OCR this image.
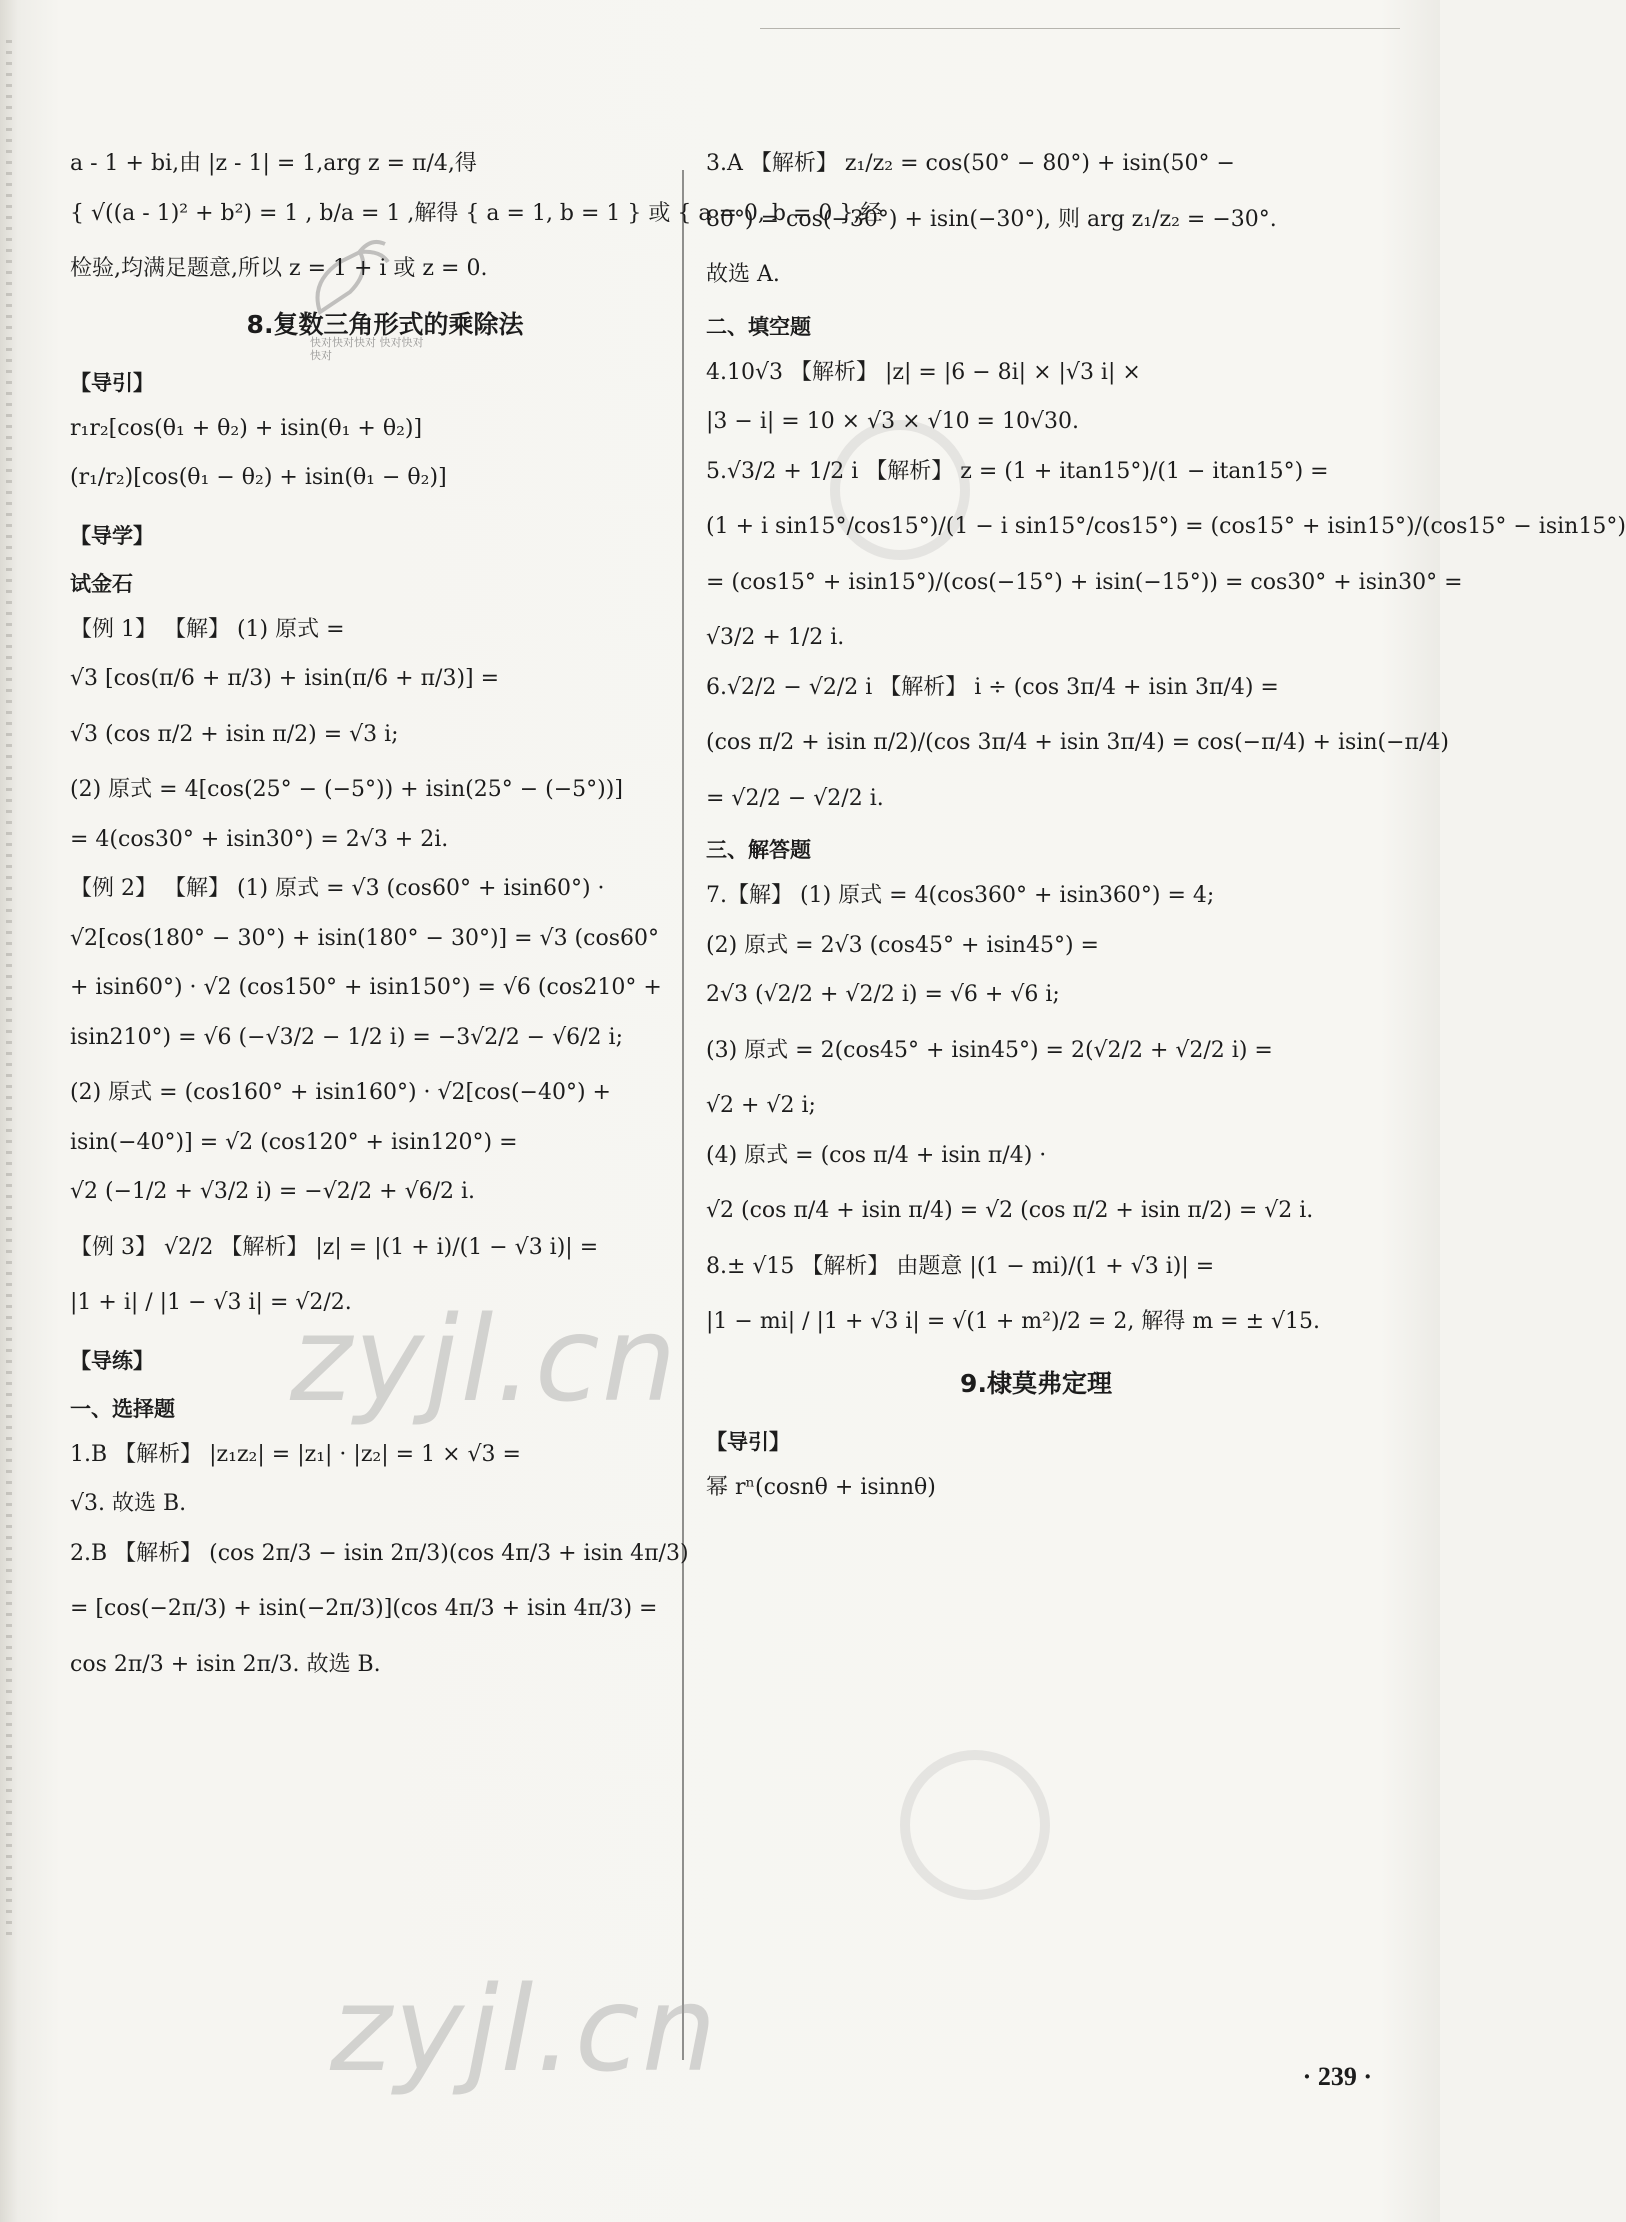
快对快对快对 快对快对快对
a - 1 + bi,由 |z - 1| = 1,arg z = π/4,得
{ √((a - 1)² + b²) = 1 , b/a = 1 ,解得 { a = 1, b = 1 } 或 { a = 0, b = 0 },经
检验,均满足题意,所以 z = 1 + i 或 z = 0.
8.复数三角形式的乘除法
【导引】
r₁r₂[cos(θ₁ + θ₂) + isin(θ₁ + θ₂)]
(r₁/r₂)[cos(θ₁ − θ₂) + isin(θ₁ − θ₂)]
【导学】
试金石
【例 1】 【解】 (1) 原式 =
√3 [cos(π/6 + π/3) + isin(π/6 + π/3)] =
√3 (cos π/2 + isin π/2) = √3 i;
(2) 原式 = 4[cos(25° − (−5°)) + isin(25° − (−5°))]
= 4(cos30° + isin30°) = 2√3 + 2i.
【例 2】 【解】 (1) 原式 = √3 (cos60° + isin60°) ·
√2[cos(180° − 30°) + isin(180° − 30°)] = √3 (cos60°
+ isin60°) · √2 (cos150° + isin150°) = √6 (cos210° +
isin210°) = √6 (−√3/2 − 1/2 i) = −3√2/2 − √6/2 i;
(2) 原式 = (cos160° + isin160°) · √2[cos(−40°) +
isin(−40°)] = √2 (cos120° + isin120°) =
√2 (−1/2 + √3/2 i) = −√2/2 + √6/2 i.
【例 3】 √2/2 【解析】 |z| = |(1 + i)/(1 − √3 i)| =
|1 + i| / |1 − √3 i| = √2/2.
【导练】
一、选择题
1.B 【解析】 |z₁z₂| = |z₁| · |z₂| = 1 × √3 =
√3. 故选 B.
2.B 【解析】 (cos 2π/3 − isin 2π/3)(cos 4π/3 + isin 4π/3)
= [cos(−2π/3) + isin(−2π/3)](cos 4π/3 + isin 4π/3) =
cos 2π/3 + isin 2π/3. 故选 B.
3.A 【解析】 z₁/z₂ = cos(50° − 80°) + isin(50° −
80°) = cos(−30°) + isin(−30°), 则 arg z₁/z₂ = −30°.
故选 A.
二、填空题
4.10√3 【解析】 |z| = |6 − 8i| × |√3 i| ×
|3 − i| = 10 × √3 × √10 = 10√30.
5.√3/2 + 1/2 i 【解析】 z = (1 + itan15°)/(1 − itan15°) =
(1 + i sin15°/cos15°)/(1 − i sin15°/cos15°) = (cos15° + isin15°)/(cos15° − isin15°)
= (cos15° + isin15°)/(cos(−15°) + isin(−15°)) = cos30° + isin30° =
√3/2 + 1/2 i.
6.√2/2 − √2/2 i 【解析】 i ÷ (cos 3π/4 + isin 3π/4) =
(cos π/2 + isin π/2)/(cos 3π/4 + isin 3π/4) = cos(−π/4) + isin(−π/4)
= √2/2 − √2/2 i.
三、解答题
7.【解】 (1) 原式 = 4(cos360° + isin360°) = 4;
(2) 原式 = 2√3 (cos45° + isin45°) =
2√3 (√2/2 + √2/2 i) = √6 + √6 i;
(3) 原式 = 2(cos45° + isin45°) = 2(√2/2 + √2/2 i) =
√2 + √2 i;
(4) 原式 = (cos π/4 + isin π/4) ·
√2 (cos π/4 + isin π/4) = √2 (cos π/2 + isin π/2) = √2 i.
8.± √15 【解析】 由题意 |(1 − mi)/(1 + √3 i)| =
|1 − mi| / |1 + √3 i| = √(1 + m²)/2 = 2, 解得 m = ± √15.
9.棣莫弗定理
【导引】
幂 rⁿ(cosnθ + isinnθ)
zyjl.cn
zyjl.cn	· 239 ·
